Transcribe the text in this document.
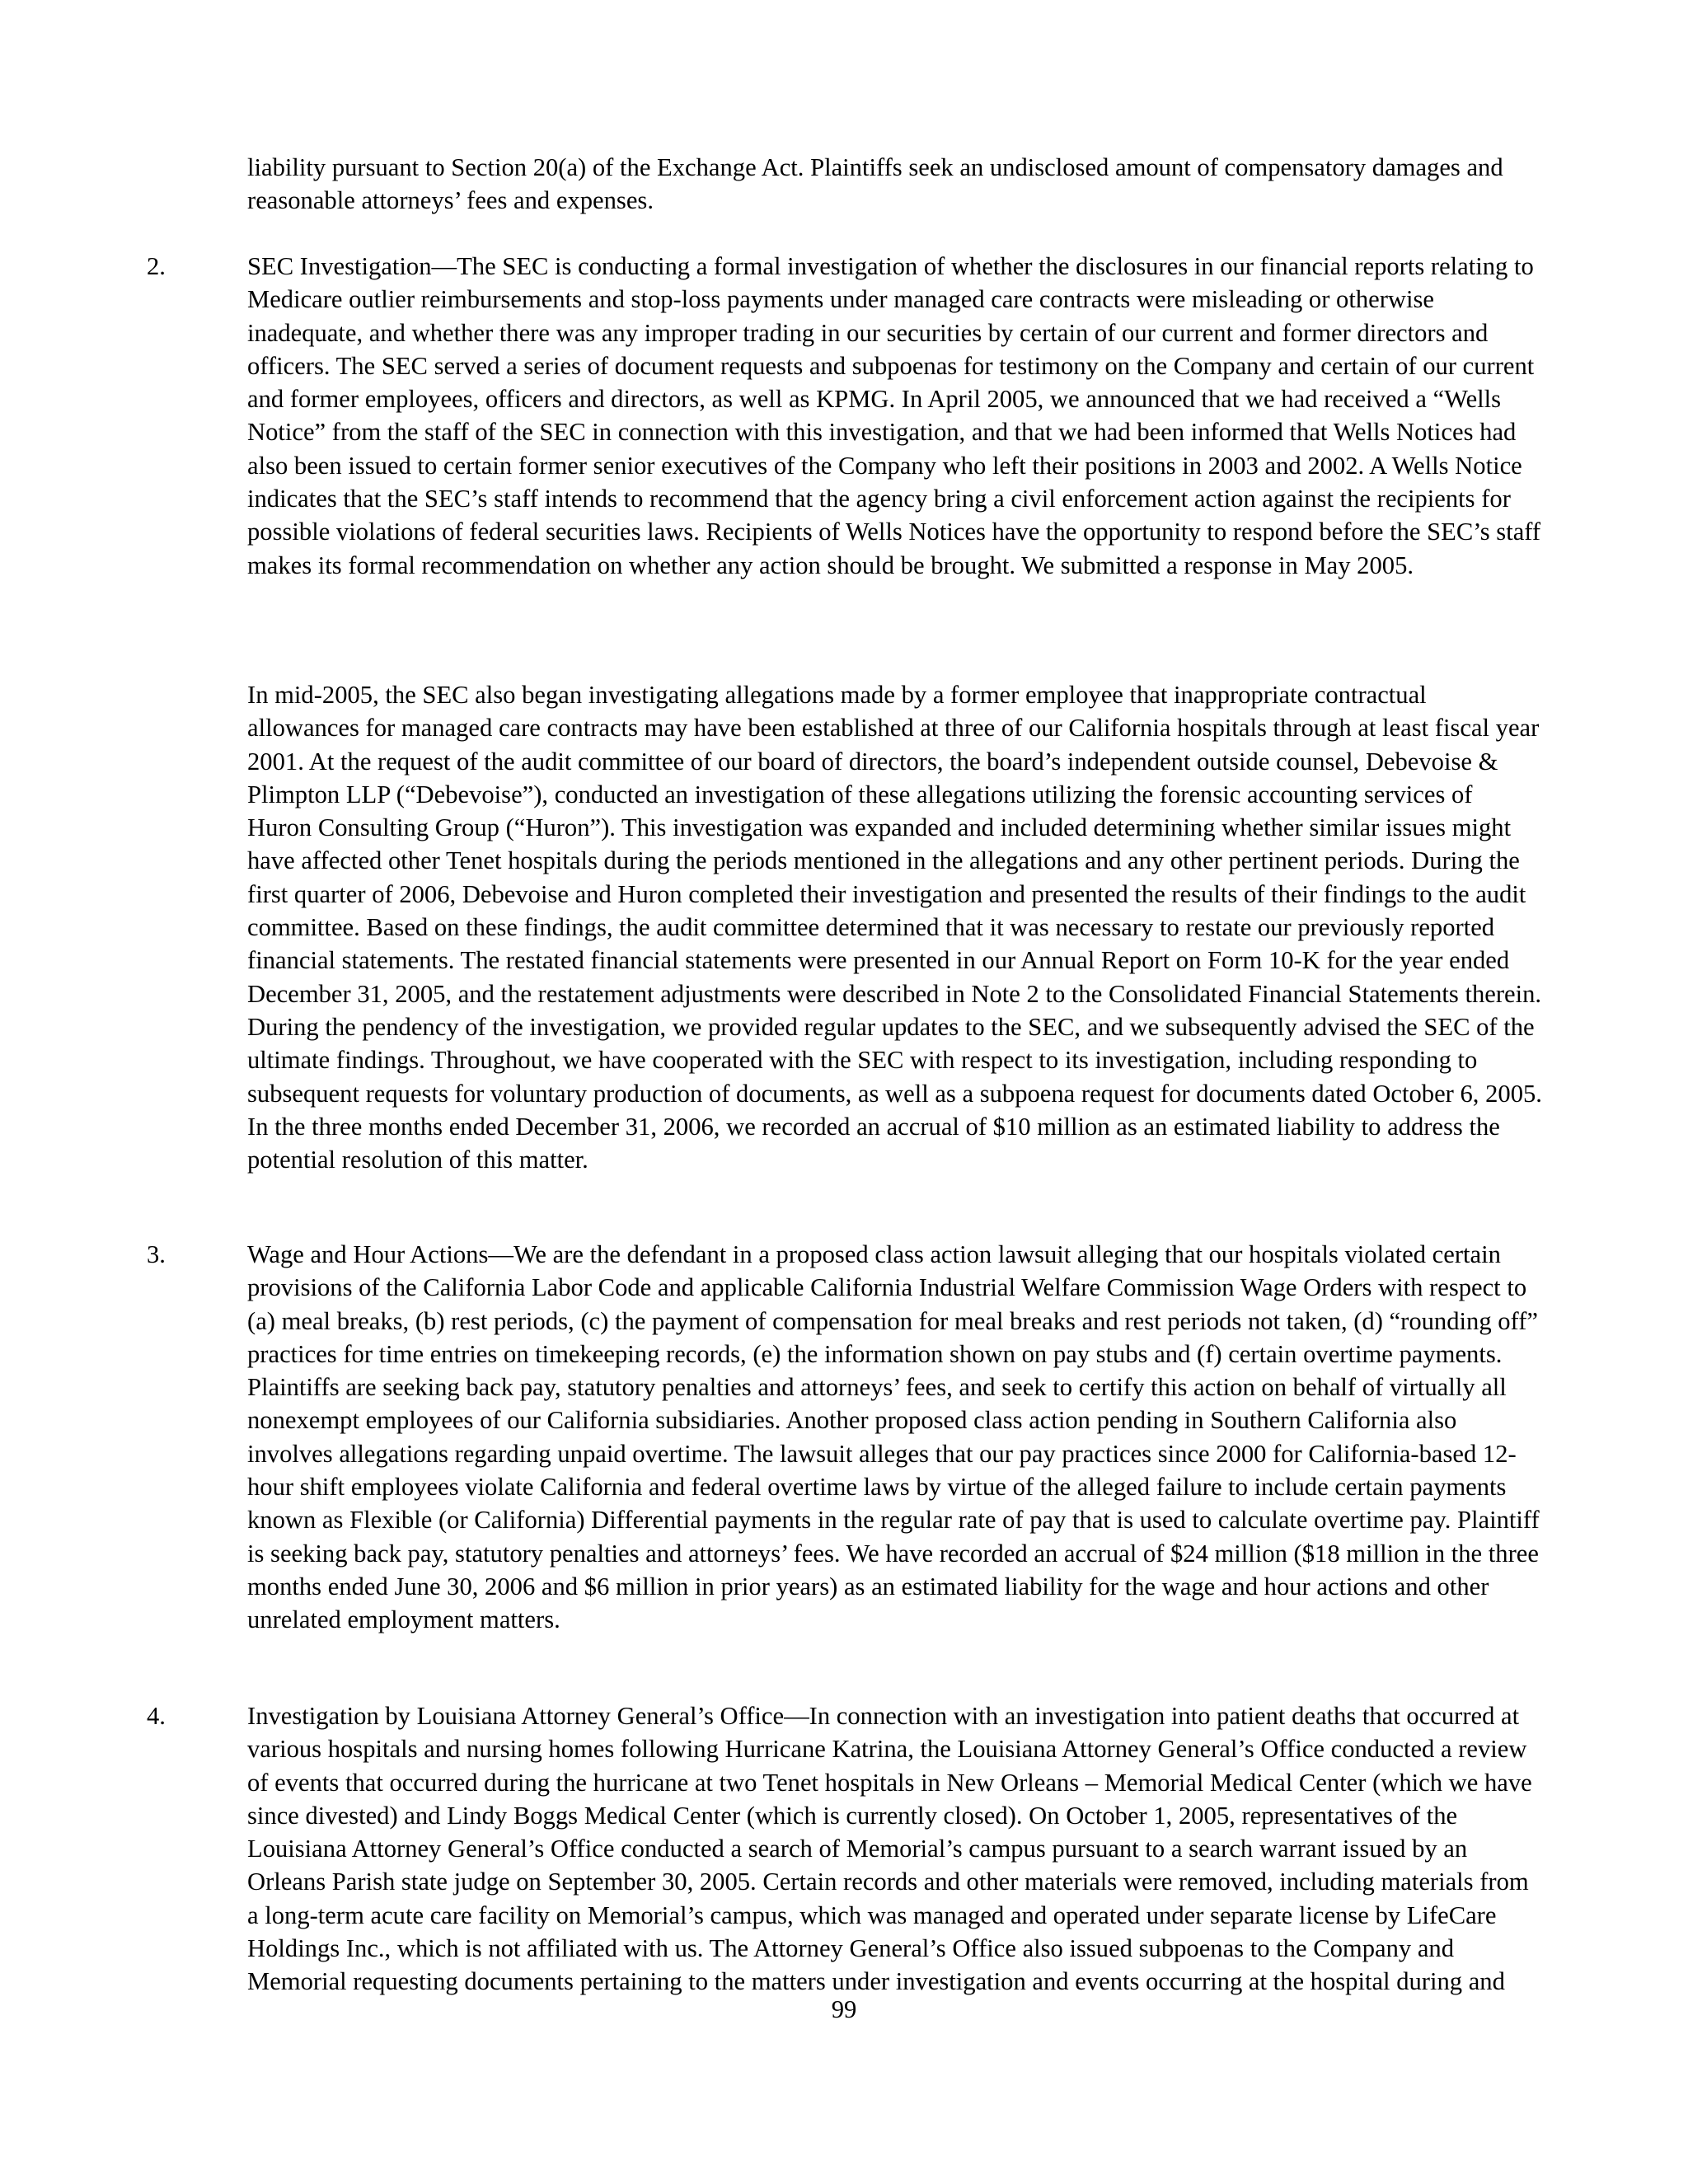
liability pursuant to Section 20(a) of the Exchange Act. Plaintiffs seek an undisclosed amount of compensatory damages and reasonable attorneys’ fees and expenses.

2.	SEC Investigation—The SEC is conducting a formal investigation of whether the disclosures in our financial reports relating to Medicare outlier reimbursements and stop-loss payments under managed care contracts were misleading or otherwise inadequate, and whether there was any improper trading in our securities by certain of our current and former directors and officers. The SEC served a series of document requests and subpoenas for testimony on the Company and certain of our current and former employees, officers and directors, as well as KPMG. In April 2005, we announced that we had received a “Wells Notice” from the staff of the SEC in connection with this investigation, and that we had been informed that Wells Notices had also been issued to certain former senior executives of the Company who left their positions in 2003 and 2002. A Wells Notice indicates that the SEC’s staff intends to recommend that the agency bring a civil enforcement action against the recipients for possible violations of federal securities laws. Recipients of Wells Notices have the opportunity to respond before the SEC’s staff makes its formal recommendation on whether any action should be brought. We submitted a response in May 2005.

In mid-2005, the SEC also began investigating allegations made by a former employee that inappropriate contractual allowances for managed care contracts may have been established at three of our California hospitals through at least fiscal year 2001. At the request of the audit committee of our board of directors, the board’s independent outside counsel, Debevoise & Plimpton LLP (“Debevoise”), conducted an investigation of these allegations utilizing the forensic accounting services of Huron Consulting Group (“Huron”). This investigation was expanded and included determining whether similar issues might have affected other Tenet hospitals during the periods mentioned in the allegations and any other pertinent periods. During the first quarter of 2006, Debevoise and Huron completed their investigation and presented the results of their findings to the audit committee. Based on these findings, the audit committee determined that it was necessary to restate our previously reported financial statements. The restated financial statements were presented in our Annual Report on Form 10-K for the year ended December 31, 2005, and the restatement adjustments were described in Note 2 to the Consolidated Financial Statements therein. During the pendency of the investigation, we provided regular updates to the SEC, and we subsequently advised the SEC of the ultimate findings. Throughout, we have cooperated with the SEC with respect to its investigation, including responding to subsequent requests for voluntary production of documents, as well as a subpoena request for documents dated October 6, 2005. In the three months ended December 31, 2006, we recorded an accrual of $10 million as an estimated liability to address the potential resolution of this matter.

3.	Wage and Hour Actions—We are the defendant in a proposed class action lawsuit alleging that our hospitals violated certain provisions of the California Labor Code and applicable California Industrial Welfare Commission Wage Orders with respect to (a) meal breaks, (b) rest periods, (c) the payment of compensation for meal breaks and rest periods not taken, (d) “rounding off” practices for time entries on timekeeping records, (e) the information shown on pay stubs and (f) certain overtime payments. Plaintiffs are seeking back pay, statutory penalties and attorneys’ fees, and seek to certify this action on behalf of virtually all nonexempt employees of our California subsidiaries. Another proposed class action pending in Southern California also involves allegations regarding unpaid overtime. The lawsuit alleges that our pay practices since 2000 for California-based 12-hour shift employees violate California and federal overtime laws by virtue of the alleged failure to include certain payments known as Flexible (or California) Differential payments in the regular rate of pay that is used to calculate overtime pay. Plaintiff is seeking back pay, statutory penalties and attorneys’ fees. We have recorded an accrual of $24 million ($18 million in the three months ended June 30, 2006 and $6 million in prior years) as an estimated liability for the wage and hour actions and other unrelated employment matters.

4.	Investigation by Louisiana Attorney General’s Office—In connection with an investigation into patient deaths that occurred at various hospitals and nursing homes following Hurricane Katrina, the Louisiana Attorney General’s Office conducted a review of events that occurred during the hurricane at two Tenet hospitals in New Orleans – Memorial Medical Center (which we have since divested) and Lindy Boggs Medical Center (which is currently closed). On October 1, 2005, representatives of the Louisiana Attorney General’s Office conducted a search of Memorial’s campus pursuant to a search warrant issued by an Orleans Parish state judge on September 30, 2005. Certain records and other materials were removed, including materials from a long-term acute care facility on Memorial’s campus, which was managed and operated under separate license by LifeCare Holdings Inc., which is not affiliated with us. The Attorney General’s Office also issued subpoenas to the Company and Memorial requesting documents pertaining to the matters under investigation and events occurring at the hospital during and

99
